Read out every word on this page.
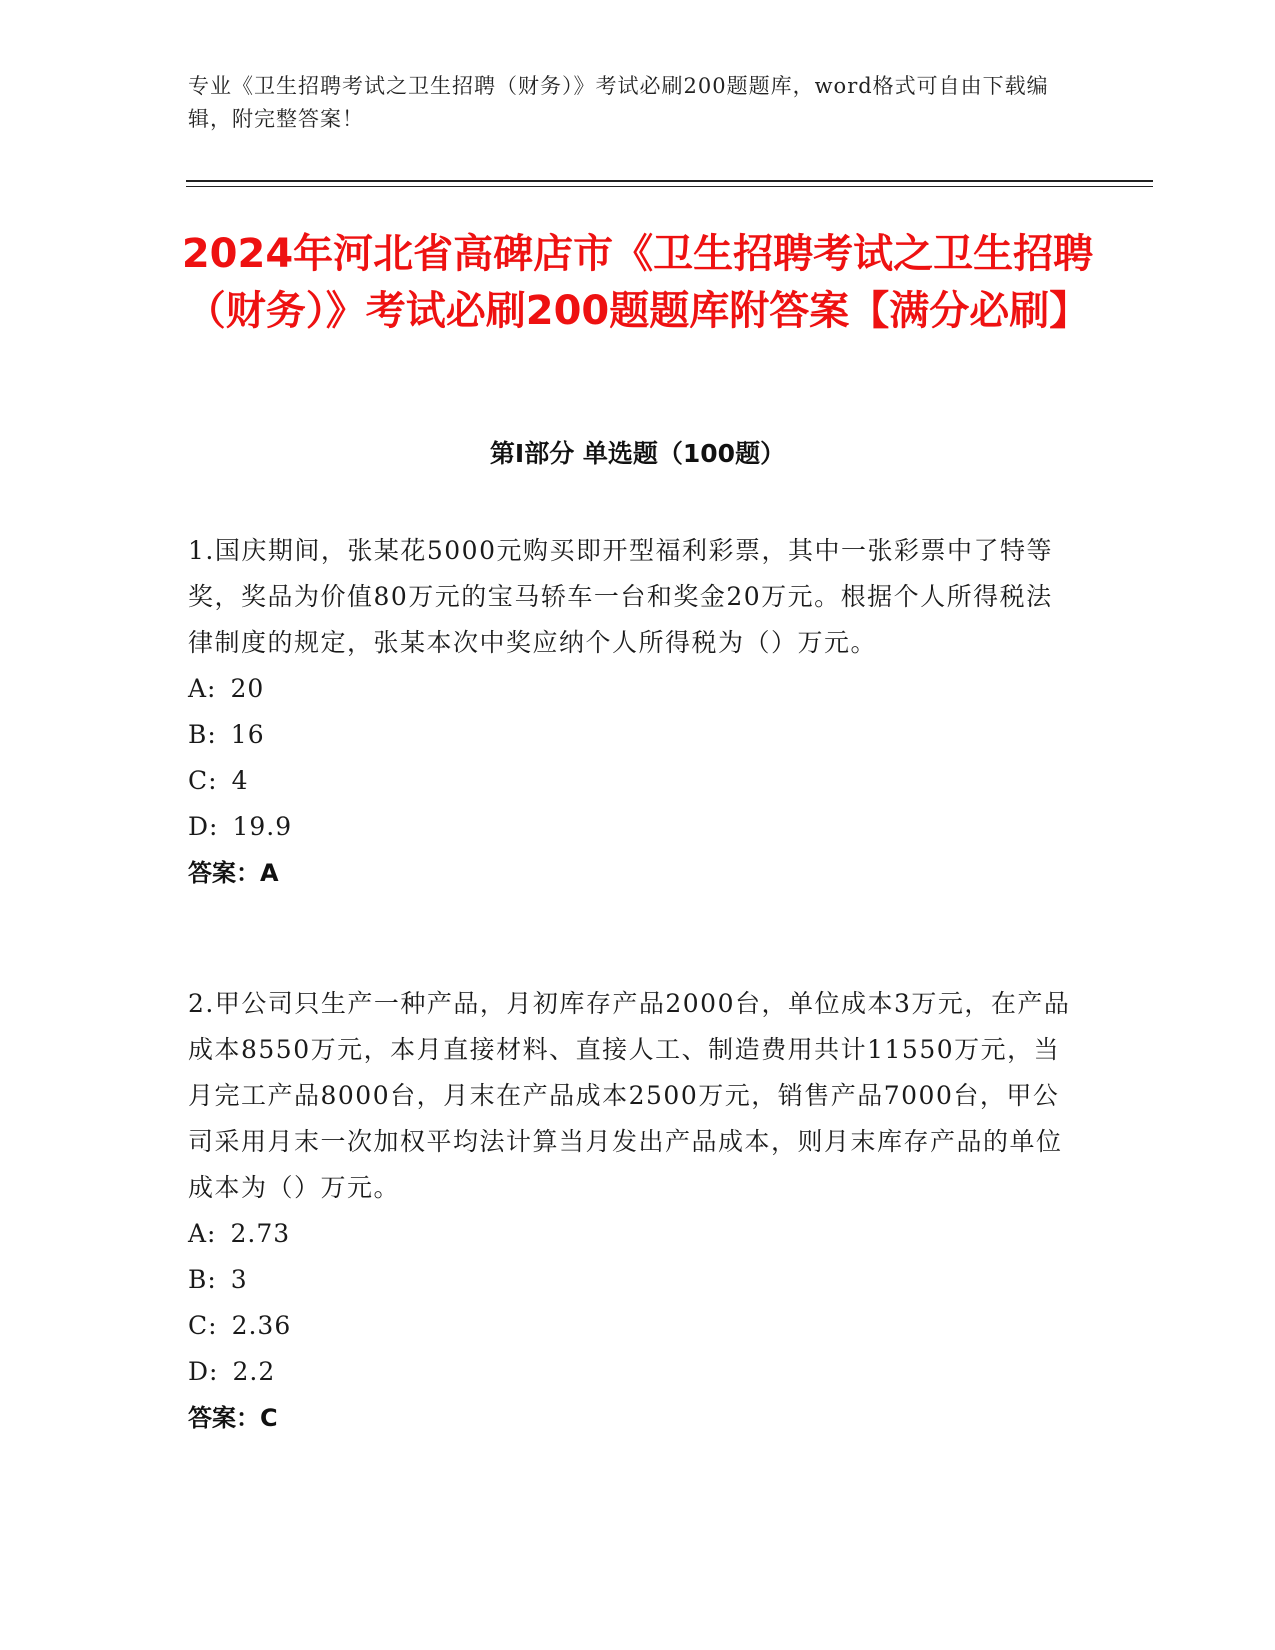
专业《卫生招聘考试之卫生招聘（财务）》考试必刷200题题库，word格式可自由下载编辑，附完整答案！
2024年河北省高碑店市《卫生招聘考试之卫生招聘（财务）》考试必刷200题题库附答案【满分必刷】
第Ⅰ部分 单选题（100题）
1.国庆期间，张某花5000元购买即开型福利彩票，其中一张彩票中了特等奖，奖品为价值80万元的宝马轿车一台和奖金20万元。根据个人所得税法律制度的规定，张某本次中奖应纳个人所得税为（）万元。
A: 20
B: 16
C: 4
D: 19.9
答案：A
2.甲公司只生产一种产品，月初库存产品2000台，单位成本3万元，在产品成本8550万元，本月直接材料、直接人工、制造费用共计11550万元，当月完工产品8000台，月末在产品成本2500万元，销售产品7000台，甲公司采用月末一次加权平均法计算当月发出产品成本，则月末库存产品的单位成本为（）万元。
A: 2.73
B: 3
C: 2.36
D: 2.2
答案：C
